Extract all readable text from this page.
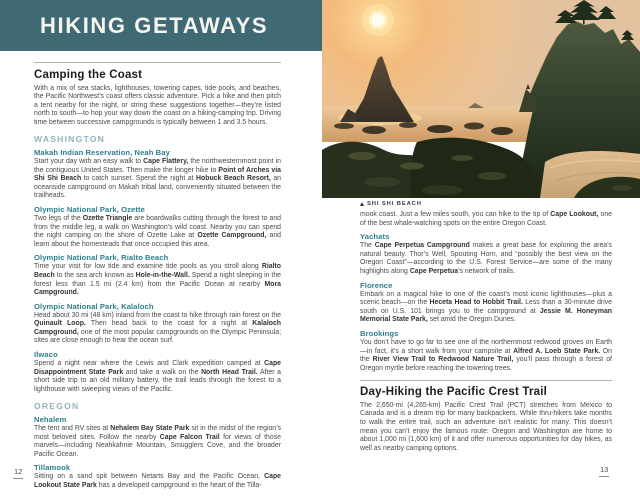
HIKING GETAWAYS
Camping the Coast

With a mix of sea stacks, lighthouses, towering capes, tide pools, and beaches, the Pacific Northwest’s coast offers classic adventure. Pick a hike and then pitch a tent nearby for the night, or string these suggestions together—they’re listed north to south—to hop your way down the coast on a hiking-camping trip. Driving time between successive campgrounds is typically between 1 and 3.5 hours.

WASHINGTON
Makah Indian Reservation, Neah Bay

Start your day with an easy walk to Cape Flattery, the northwesternmost point in the contiguous United States. Then make the longer hike to Point of Arches via Shi Shi Beach to catch sunset. Spend the night at Hobuck Beach Resort, an oceanside campground on Makah tribal land, conveniently situated between the trailheads.

Olympic National Park, Ozette

Two legs of the Ozette Triangle are boardwalks cutting through the forest to and from the middle leg, a walk on Washington’s wild coast. Nearby you can spend the night camping on the shore of Ozette Lake at Ozette Campground, and learn about the homesteads that once occupied this area.

Olympic National Park, Rialto Beach

Time your visit for low tide and examine tide pools as you stroll along Rialto Beach to the sea arch known as Hole-in-the-Wall. Spend a night sleeping in the forest less than 1.5 mi (2.4 km) from the Pacific Ocean at nearby Mora Campground.

Olympic National Park, Kalaloch

Head about 30 mi (48 km) inland from the coast to hike through rain forest on the Quinault Loop. Then head back to the coast for a night at Kalaloch Campground, one of the most popular campgrounds on the Olympic Peninsula; sites are close enough to hear the ocean surf.

Ilwaco

Spend a night near where the Lewis and Clark expedition camped at Cape Disappointment State Park and take a walk on the North Head Trail. After a short side trip to an old military battery, the trail leads through the forest to a lighthouse with sweeping views of the Pacific.

OREGON
Nehalem

The tent and RV sites at Nehalem Bay State Park sit in the midst of the region’s most beloved sites. Follow the nearby Cape Falcon Trail for views of those marvels—including Neahkahnie Mountain, Smugglers Cove, and the broader Pacific Ocean.

Tillamook

Sitting on a sand spit between Netarts Bay and the Pacific Ocean, Cape Lookout State Park has a developed campground in the heart of the Tilla-

12
SHI SHI BEACH

mook coast. Just a few miles south, you can hike to the tip of Cape Lookout, one of the best whale-watching spots on the entire Oregon Coast.

Yachats

The Cape Perpetua Campground makes a great base for exploring the area’s natural beauty. Thor’s Well, Spouting Horn, and “possibly the best view on the Oregon Coast”—according to the U.S. Forest Service—are some of the many highlights along Cape Perpetua’s network of trails.

Florence

Embark on a magical hike to one of the coast’s most iconic lighthouses—plus a scenic beach—on the Heceta Head to Hobbit Trail. Less than a 30-minute drive south on U.S. 101 brings you to the campground at Jessie M. Honeyman Memorial State Park, set amid the Oregon Dunes.

Brookings

You don’t have to go far to see one of the northernmost redwood groves on Earth—in fact, it’s a short walk from your campsite at Alfred A. Loeb State Park. On the River View Trail to Redwood Nature Trail, you’ll pass through a forest of Oregon myrtle before reaching the towering trees.

Day-Hiking the Pacific Crest Trail

The 2,650-mi (4,265-km) Pacific Crest Trail (PCT) stretches from Mexico to Canada and is a dream trip for many backpackers. While thru-hikers take months to walk the entire trail, such an adventure isn’t realistic for many. This doesn’t mean you can’t enjoy the famous route: Oregon and Washington are home to about 1,000 mi (1,600 km) of it and offer numerous opportunities for day hikes, as well as nearby camping options.

13
